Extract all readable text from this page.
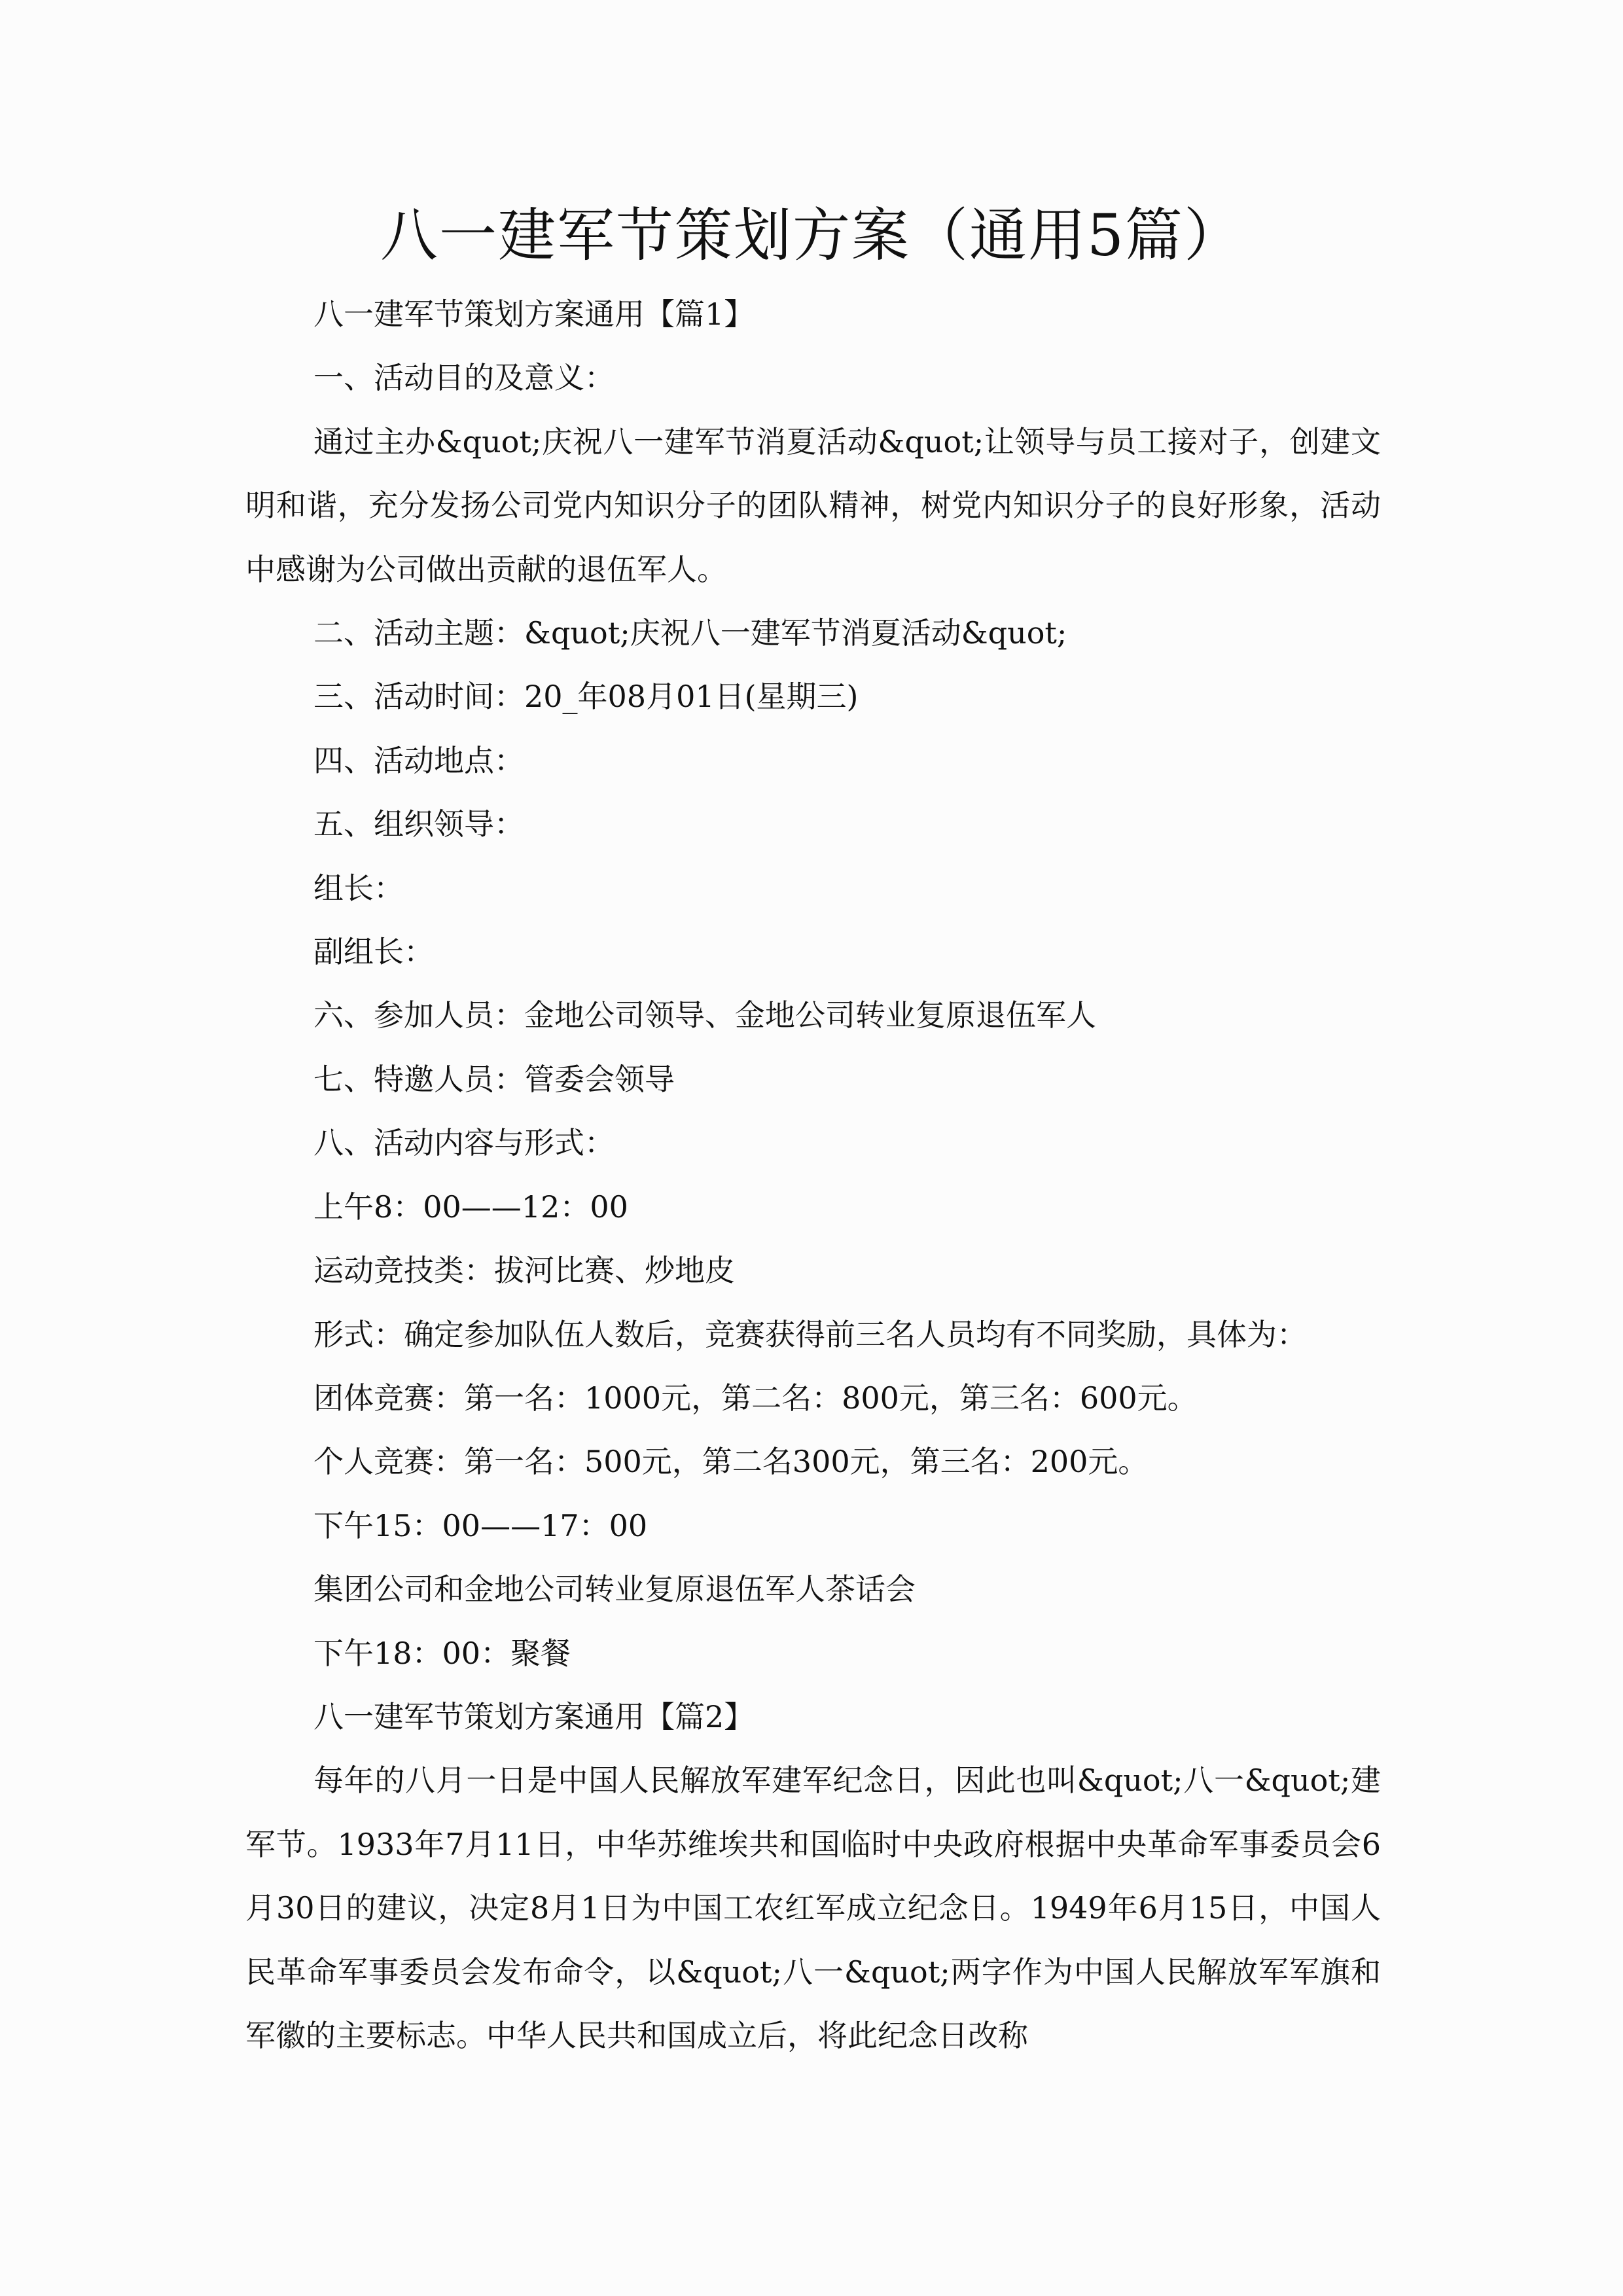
八一建军节策划方案（通用5篇）

八一建军节策划方案通用【篇1】

一、活动目的及意义：

通过主办&quot;庆祝八一建军节消夏活动&quot;让领导与员工接对子，创建文明和谐，充分发扬公司党内知识分子的团队精神，树党内知识分子的良好形象，活动中感谢为公司做出贡献的退伍军人。

二、活动主题：&quot;庆祝八一建军节消夏活动&quot;

三、活动时间：20_年08月01日(星期三)

四、活动地点：

五、组织领导：

组长：

副组长：

六、参加人员：金地公司领导、金地公司转业复原退伍军人

七、特邀人员：管委会领导

八、活动内容与形式：

上午8：00——12：00

运动竞技类：拔河比赛、炒地皮

形式：确定参加队伍人数后，竞赛获得前三名人员均有不同奖励，具体为：

团体竞赛：第一名：1000元，第二名：800元，第三名：600元。

个人竞赛：第一名：500元，第二名300元，第三名：200元。

下午15：00——17：00

集团公司和金地公司转业复原退伍军人茶话会

下午18：00：聚餐

八一建军节策划方案通用【篇2】

每年的八月一日是中国人民解放军建军纪念日，因此也叫&quot;八一&quot;建军节。1933年7月11日，中华苏维埃共和国临时中央政府根据中央革命军事委员会6月30日的建议，决定8月1日为中国工农红军成立纪念日。1949年6月15日，中国人民革命军事委员会发布命令，以&quot;八一&quot;两字作为中国人民解放军军旗和军徽的主要标志。中华人民共和国成立后，将此纪念日改称
